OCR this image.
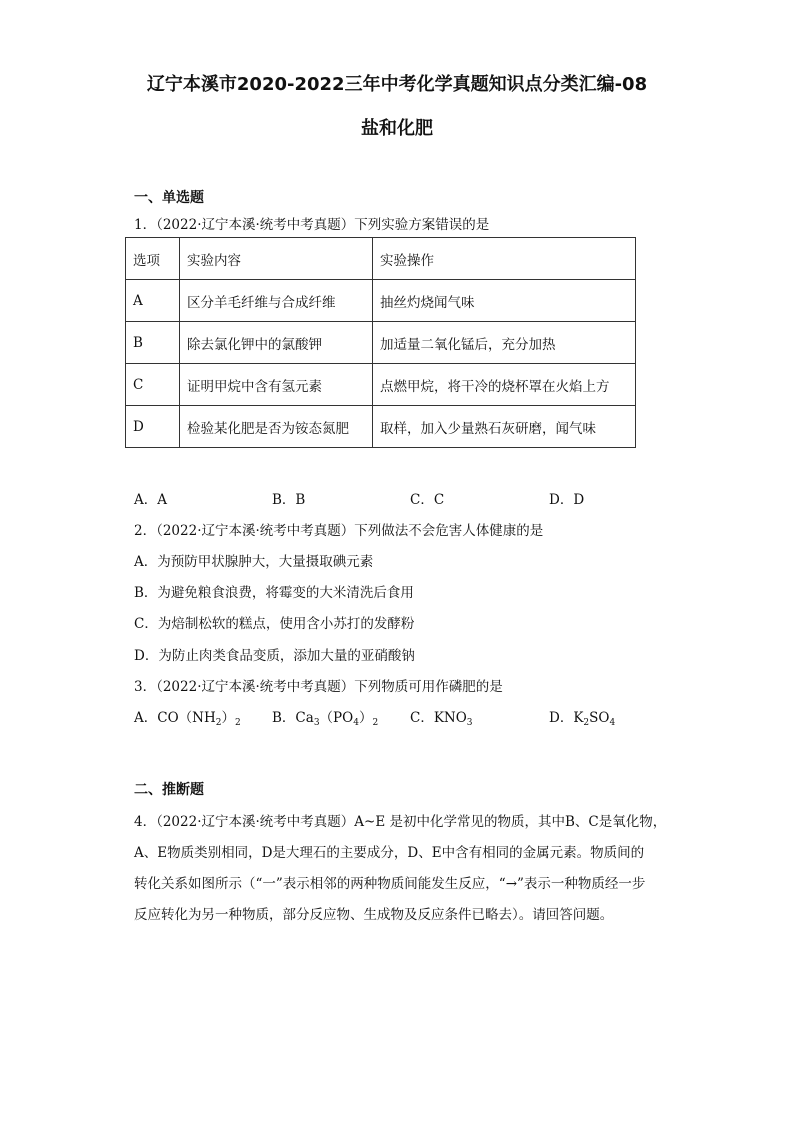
辽宁本溪市2020-2022三年中考化学真题知识点分类汇编-08
盐和化肥
一、单选题
1．（2022·辽宁本溪·统考中考真题）下列实验方案错误的是
选项	实验内容	实验操作
A	区分羊毛纤维与合成纤维	抽丝灼烧闻气味
B	除去氯化钾中的氯酸钾	加适量二氧化锰后，充分加热
C	证明甲烷中含有氢元素	点燃甲烷，将干冷的烧杯罩在火焰上方
D	检验某化肥是否为铵态氮肥	取样，加入少量熟石灰研磨，闻气味
A．A	B．B	C．C	D．D
2．（2022·辽宁本溪·统考中考真题）下列做法不会危害人体健康的是
A．为预防甲状腺肿大，大量摄取碘元素
B．为避免粮食浪费，将霉变的大米清洗后食用
C．为焙制松软的糕点，使用含小苏打的发酵粉
D．为防止肉类食品变质，添加大量的亚硝酸钠
3．（2022·辽宁本溪·统考中考真题）下列物质可用作磷肥的是
A．$CO(NH_2)_2$ B．$Ca_3(PO_4)_2$ C．$KNO_3$	D．$K_2SO_4$
二、推断题
4．（2022·辽宁本溪·统考中考真题）A~E 是初中化学常见的物质，其中B、C是氧化物，
A、E物质类别相同，D是大理石的主要成分，D、E中含有相同的金属元素。物质间的
转化关系如图所示（“一”表示相邻的两种物质间能发生反应，“→”表示一种物质经一步
反应转化为另一种物质，部分反应物、生成物及反应条件已略去）。请回答问题。
